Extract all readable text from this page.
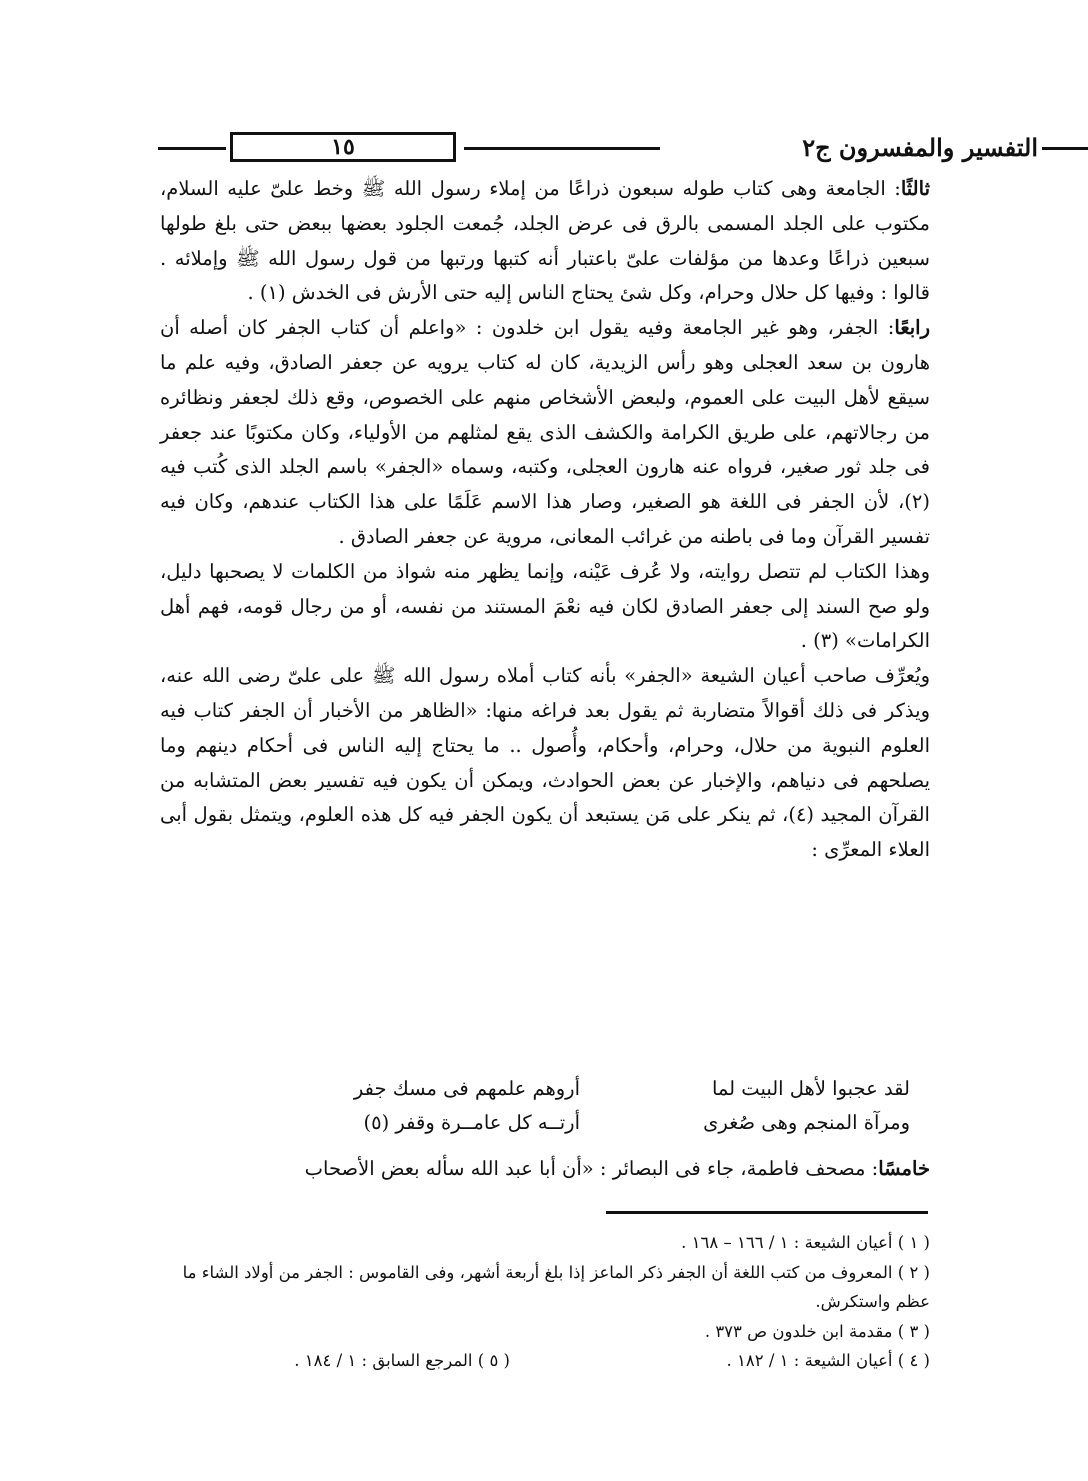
١٥	التفسير والمفسرون ج٢

ثالثًا: الجامعة وهى كتاب طوله سبعون ذراعًا من إملاء رسول الله ﷺ وخط علىّ عليه السلام، مكتوب على الجلد المسمى بالرق فى عرض الجلد، جُمعت الجلود بعضها ببعض حتى بلغ طولها سبعين ذراعًا وعدها من مؤلفات علىّ باعتبار أنه كتبها ورتبها من قول رسول الله ﷺ وإملائه . قالوا : وفيها كل حلال وحرام، وكل شئ يحتاج الناس إليه حتى الأرش فى الخدش (١) .

رابعًا: الجفر، وهو غير الجامعة وفيه يقول ابن خلدون : «واعلم أن كتاب الجفر كان أصله أن هارون بن سعد العجلى وهو رأس الزيدية، كان له كتاب يرويه عن جعفر الصادق، وفيه علم ما سيقع لأهل البيت على العموم، ولبعض الأشخاص منهم على الخصوص، وقع ذلك لجعفر ونظائره من رجالاتهم، على طريق الكرامة والكشف الذى يقع لمثلهم من الأولياء، وكان مكتوبًا عند جعفر فى جلد ثور صغير، فرواه عنه هارون العجلى، وكتبه، وسماه «الجفر» باسم الجلد الذى كُتب فيه (٢)، لأن الجفر فى اللغة هو الصغير، وصار هذا الاسم عَلَمًا على هذا الكتاب عندهم، وكان فيه تفسير القرآن وما فى باطنه من غرائب المعانى، مروية عن جعفر الصادق .

وهذا الكتاب لم تتصل روايته، ولا عُرف عَيْنه، وإنما يظهر منه شواذ من الكلمات لا يصحبها دليل، ولو صح السند إلى جعفر الصادق لكان فيه نعْمَ المستند من نفسه، أو من رجال قومه، فهم أهل الكرامات» (٣) .

ويُعرِّف صاحب أعيان الشيعة «الجفر» بأنه كتاب أملاه رسول الله ﷺ على علىّ رضى الله عنه، ويذكر فى ذلك أقوالاً متضاربة ثم يقول بعد فراغه منها: «الظاهر من الأخبار أن الجفر كتاب فيه العلوم النبوية من حلال، وحرام، وأحكام، وأُصول .. ما يحتاج إليه الناس فى أحكام دينهم وما يصلحهم فى دنياهم، والإخبار عن بعض الحوادث، ويمكن أن يكون فيه تفسير بعض المتشابه من القرآن المجيد (٤)، ثم ينكر على مَن يستبعد أن يكون الجفر فيه كل هذه العلوم، ويتمثل بقول أبى العلاء المعرِّى :

لقد عجبوا لأهل البيت لما
أروهم علمهم فى مسك جفر
ومرآة المنجم وهى صُغرى
أرتــه كل عامــرة وقفر (٥)
خامسًا: مصحف فاطمة، جاء فى البصائر : «أن أبا عبد الله سأله بعض الأصحاب
( ١ ) أعيان الشيعة : ١ / ١٦٦ – ١٦٨ .
( ٢ ) المعروف من كتب اللغة أن الجفر ذكر الماعز إذا بلغ أربعة أشهر، وفى القاموس : الجفر من أولاد الشاء ما عظم واستكرش.
( ٣ ) مقدمة ابن خلدون ص ٣٧٣ .
( ٤ ) أعيان الشيعة : ١ / ١٨٢ .
( ٥ ) المرجع السابق : ١ / ١٨٤ .
